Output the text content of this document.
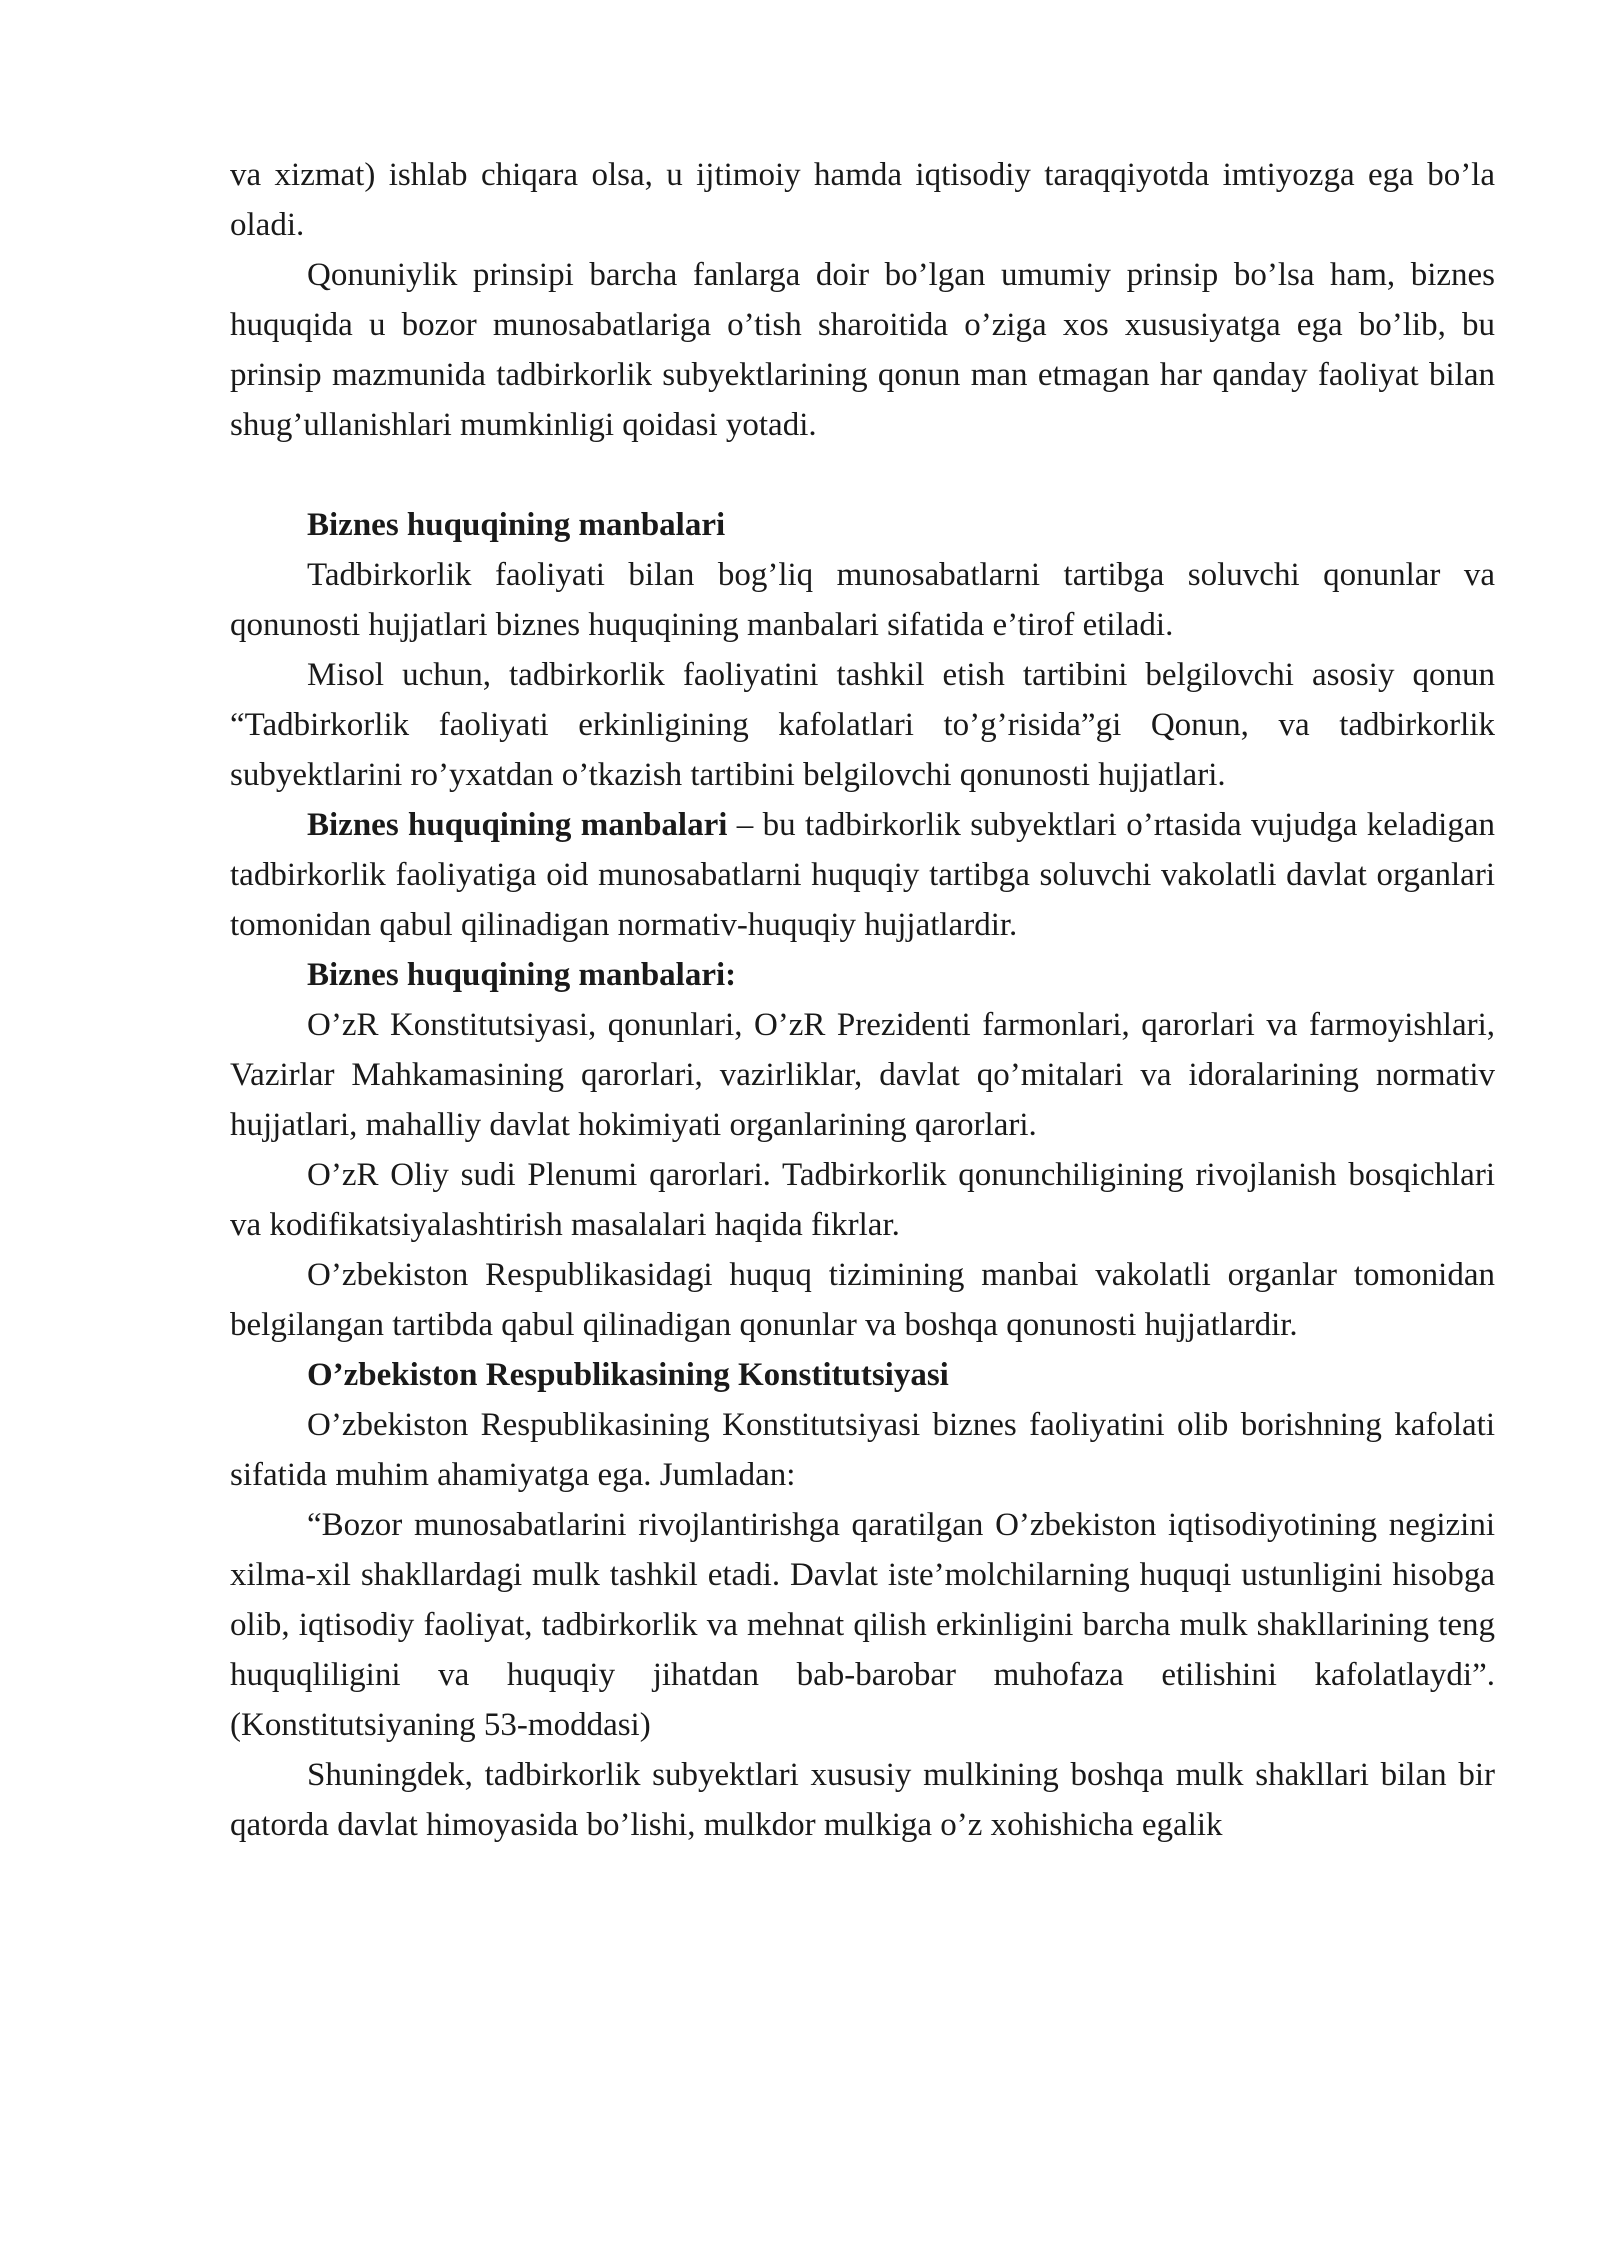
va xizmat) ishlab chiqara olsa, u ijtimoiy hamda iqtisodiy taraqqiyotda imtiyozga ega bo’la oladi.

Qonuniylik prinsipi barcha fanlarga doir bo’lgan umumiy prinsip bo’lsa ham, biznes huquqida u bozor munosabatlariga o’tish sharoitida o’ziga xos xususiyatga ega bo’lib, bu prinsip mazmunida tadbirkorlik subyektlarining qonun man etmagan har qanday faoliyat bilan shug’ullanishlari mumkinligi qoidasi yotadi.

Biznes huquqining manbalari

Tadbirkorlik faoliyati bilan bog’liq munosabatlarni tartibga soluvchi qonunlar va qonunosti hujjatlari biznes huquqining manbalari sifatida e’tirof etiladi.

Misol uchun, tadbirkorlik faoliyatini tashkil etish tartibini belgilovchi asosiy qonun “Tadbirkorlik faoliyati erkinligining kafolatlari to’g’risida”gi Qonun, va tadbirkorlik subyektlarini ro’yxatdan o’tkazish tartibini belgilovchi qonunosti hujjatlari.

Biznes huquqining manbalari – bu tadbirkorlik subyektlari o’rtasida vujudga keladigan tadbirkorlik faoliyatiga oid munosabatlarni huquqiy tartibga soluvchi vakolatli davlat organlari tomonidan qabul qilinadigan normativ-huquqiy hujjatlardir.

Biznes huquqining manbalari:

O’zR Konstitutsiyasi, qonunlari, O’zR Prezidenti farmonlari, qarorlari va farmoyishlari, Vazirlar Mahkamasining qarorlari, vazirliklar, davlat qo’mitalari va idoralarining normativ hujjatlari, mahalliy davlat hokimiyati organlarining qarorlari.

O’zR Oliy sudi Plenumi qarorlari. Tadbirkorlik qonunchiligining rivojlanish bosqichlari va kodifikatsiyalashtirish masalalari haqida fikrlar.

O’zbekiston Respublikasidagi huquq tizimining manbai vakolatli organlar tomonidan belgilangan tartibda qabul qilinadigan qonunlar va boshqa qonunosti hujjatlardir.

O’zbekiston Respublikasining Konstitutsiyasi

O’zbekiston Respublikasining Konstitutsiyasi biznes faoliyatini olib borishning kafolati sifatida muhim ahamiyatga ega. Jumladan:

“Bozor munosabatlarini rivojlantirishga qaratilgan O’zbekiston iqtisodiyotining negizini xilma-xil shakllardagi mulk tashkil etadi. Davlat iste’molchilarning huquqi ustunligini hisobga olib, iqtisodiy faoliyat, tadbirkorlik va mehnat qilish erkinligini barcha mulk shakllarining teng huquqliligini va huquqiy jihatdan bab-barobar muhofaza etilishini kafolatlaydi”. (Konstitutsiyaning 53-moddasi)

Shuningdek, tadbirkorlik subyektlari xususiy mulkining boshqa mulk shakllari bilan bir qatorda davlat himoyasida bo’lishi, mulkdor mulkiga o’z xohishicha egalik
